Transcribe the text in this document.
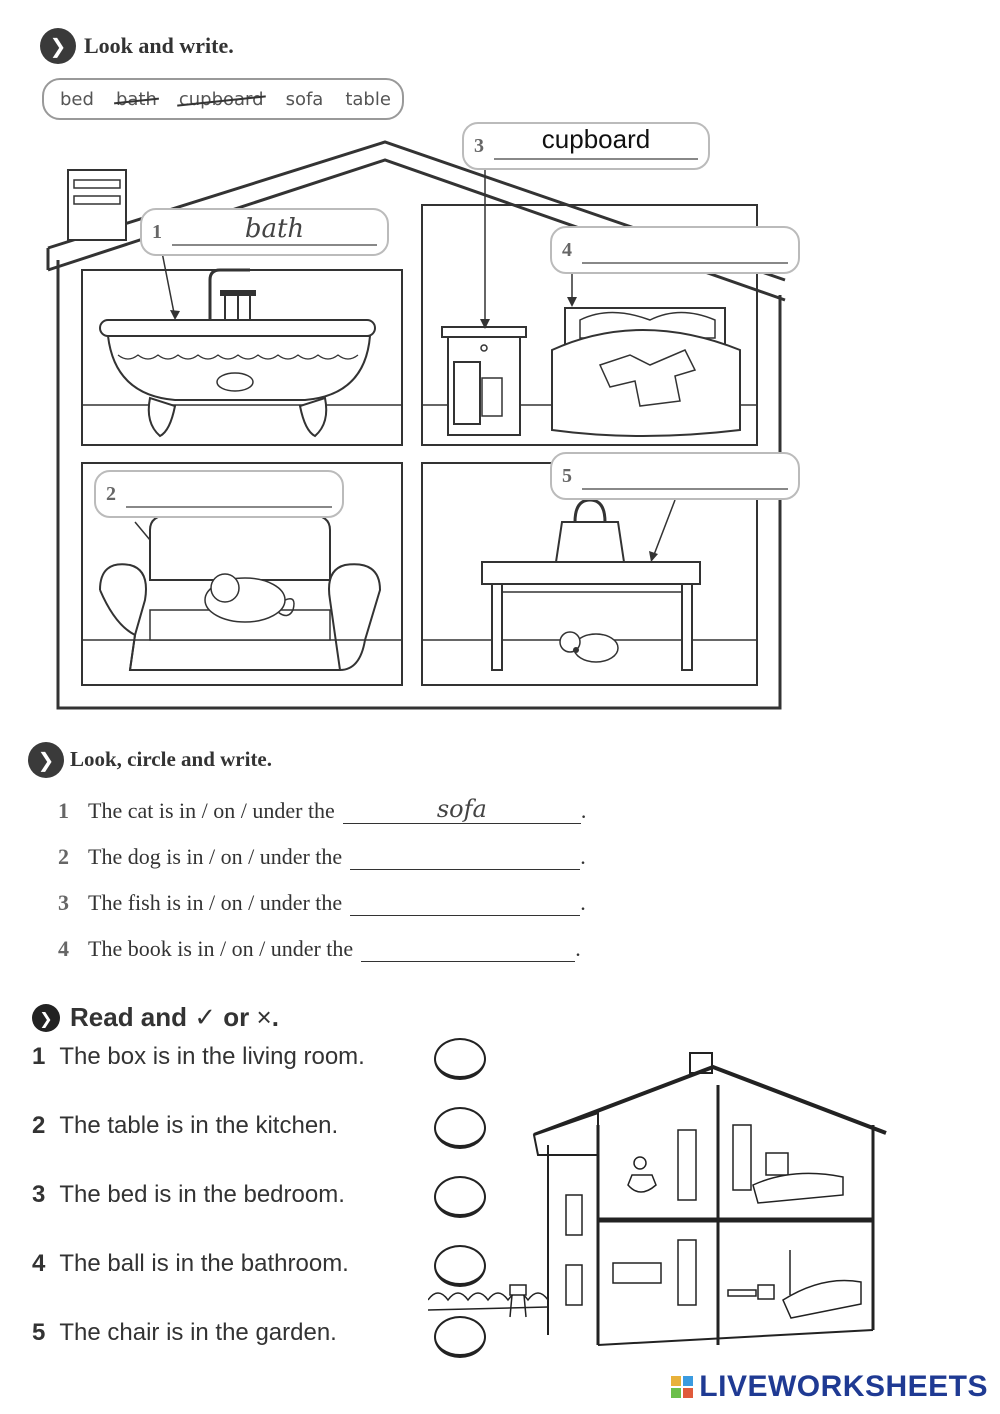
❯ Look and write.
bed bath cupboard sofa table
1	bath
2
3
cupboard
4
5
❯ Look, circle and write.
1 The cat is in / on / under the	sofa	.
2 The dog is in / on / under the	.
3 The fish is in / on / under the	.
4 The book is in / on / under the	.
❯ Read and ✓ or ×.
1 The box is in the living room.
2 The table is in the kitchen.
3 The bed is in the bedroom.
4 The ball is in the bathroom.
5 The chair is in the garden.
LIVEWORKSHEETS
